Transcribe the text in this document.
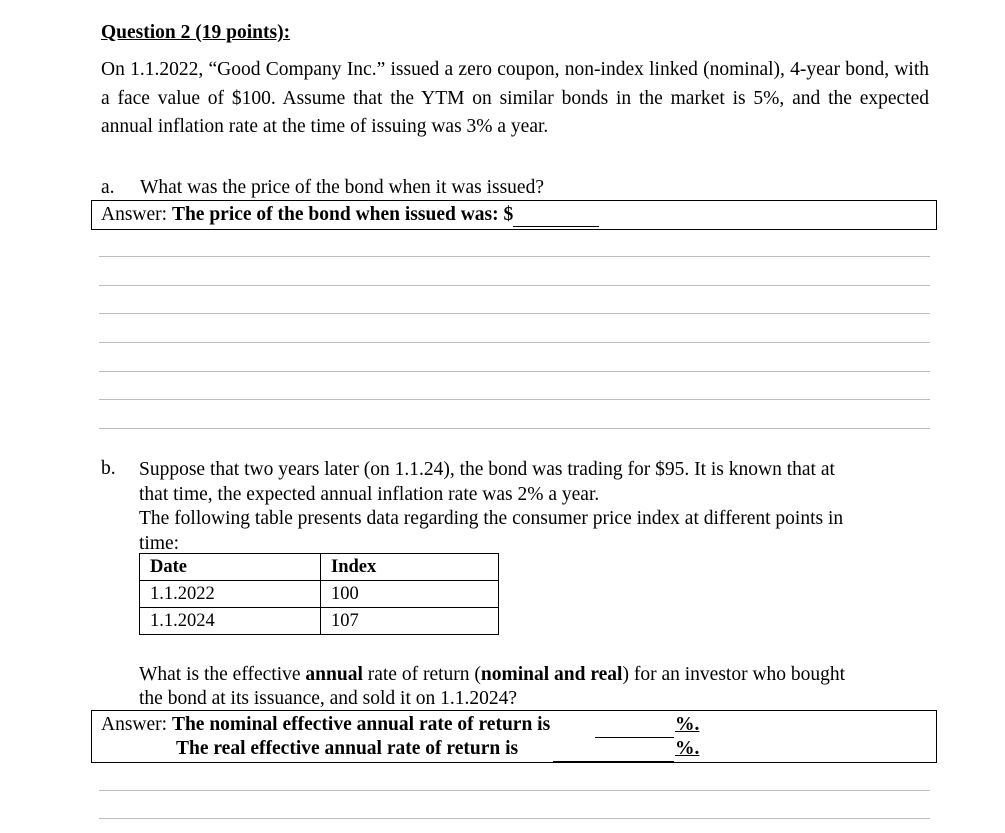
Question 2 (19 points):
On 1.1.2022, “Good Company Inc.” issued a zero coupon, non-index linked (nominal), 4-year bond, with a face value of $100. Assume that the YTM on similar bonds in the market is 5%, and the expected annual inflation rate at the time of issuing was 3% a year.
a. What was the price of the bond when it was issued?
Answer: The price of the bond when issued was: $
b. Suppose that two years later (on 1.1.24), the bond was trading for $95. It is known that at
that time, the expected annual inflation rate was 2% a year.
The following table presents data regarding the consumer price index at different points in
time:
Date	Index
1.1.2022	100
1.1.2024	107
What is the effective annual rate of return (nominal and real) for an investor who bought
the bond at its issuance, and sold it on 1.1.2024?
Answer: The nominal effective annual rate of return is	%.
The real effective annual rate of return is	%.
